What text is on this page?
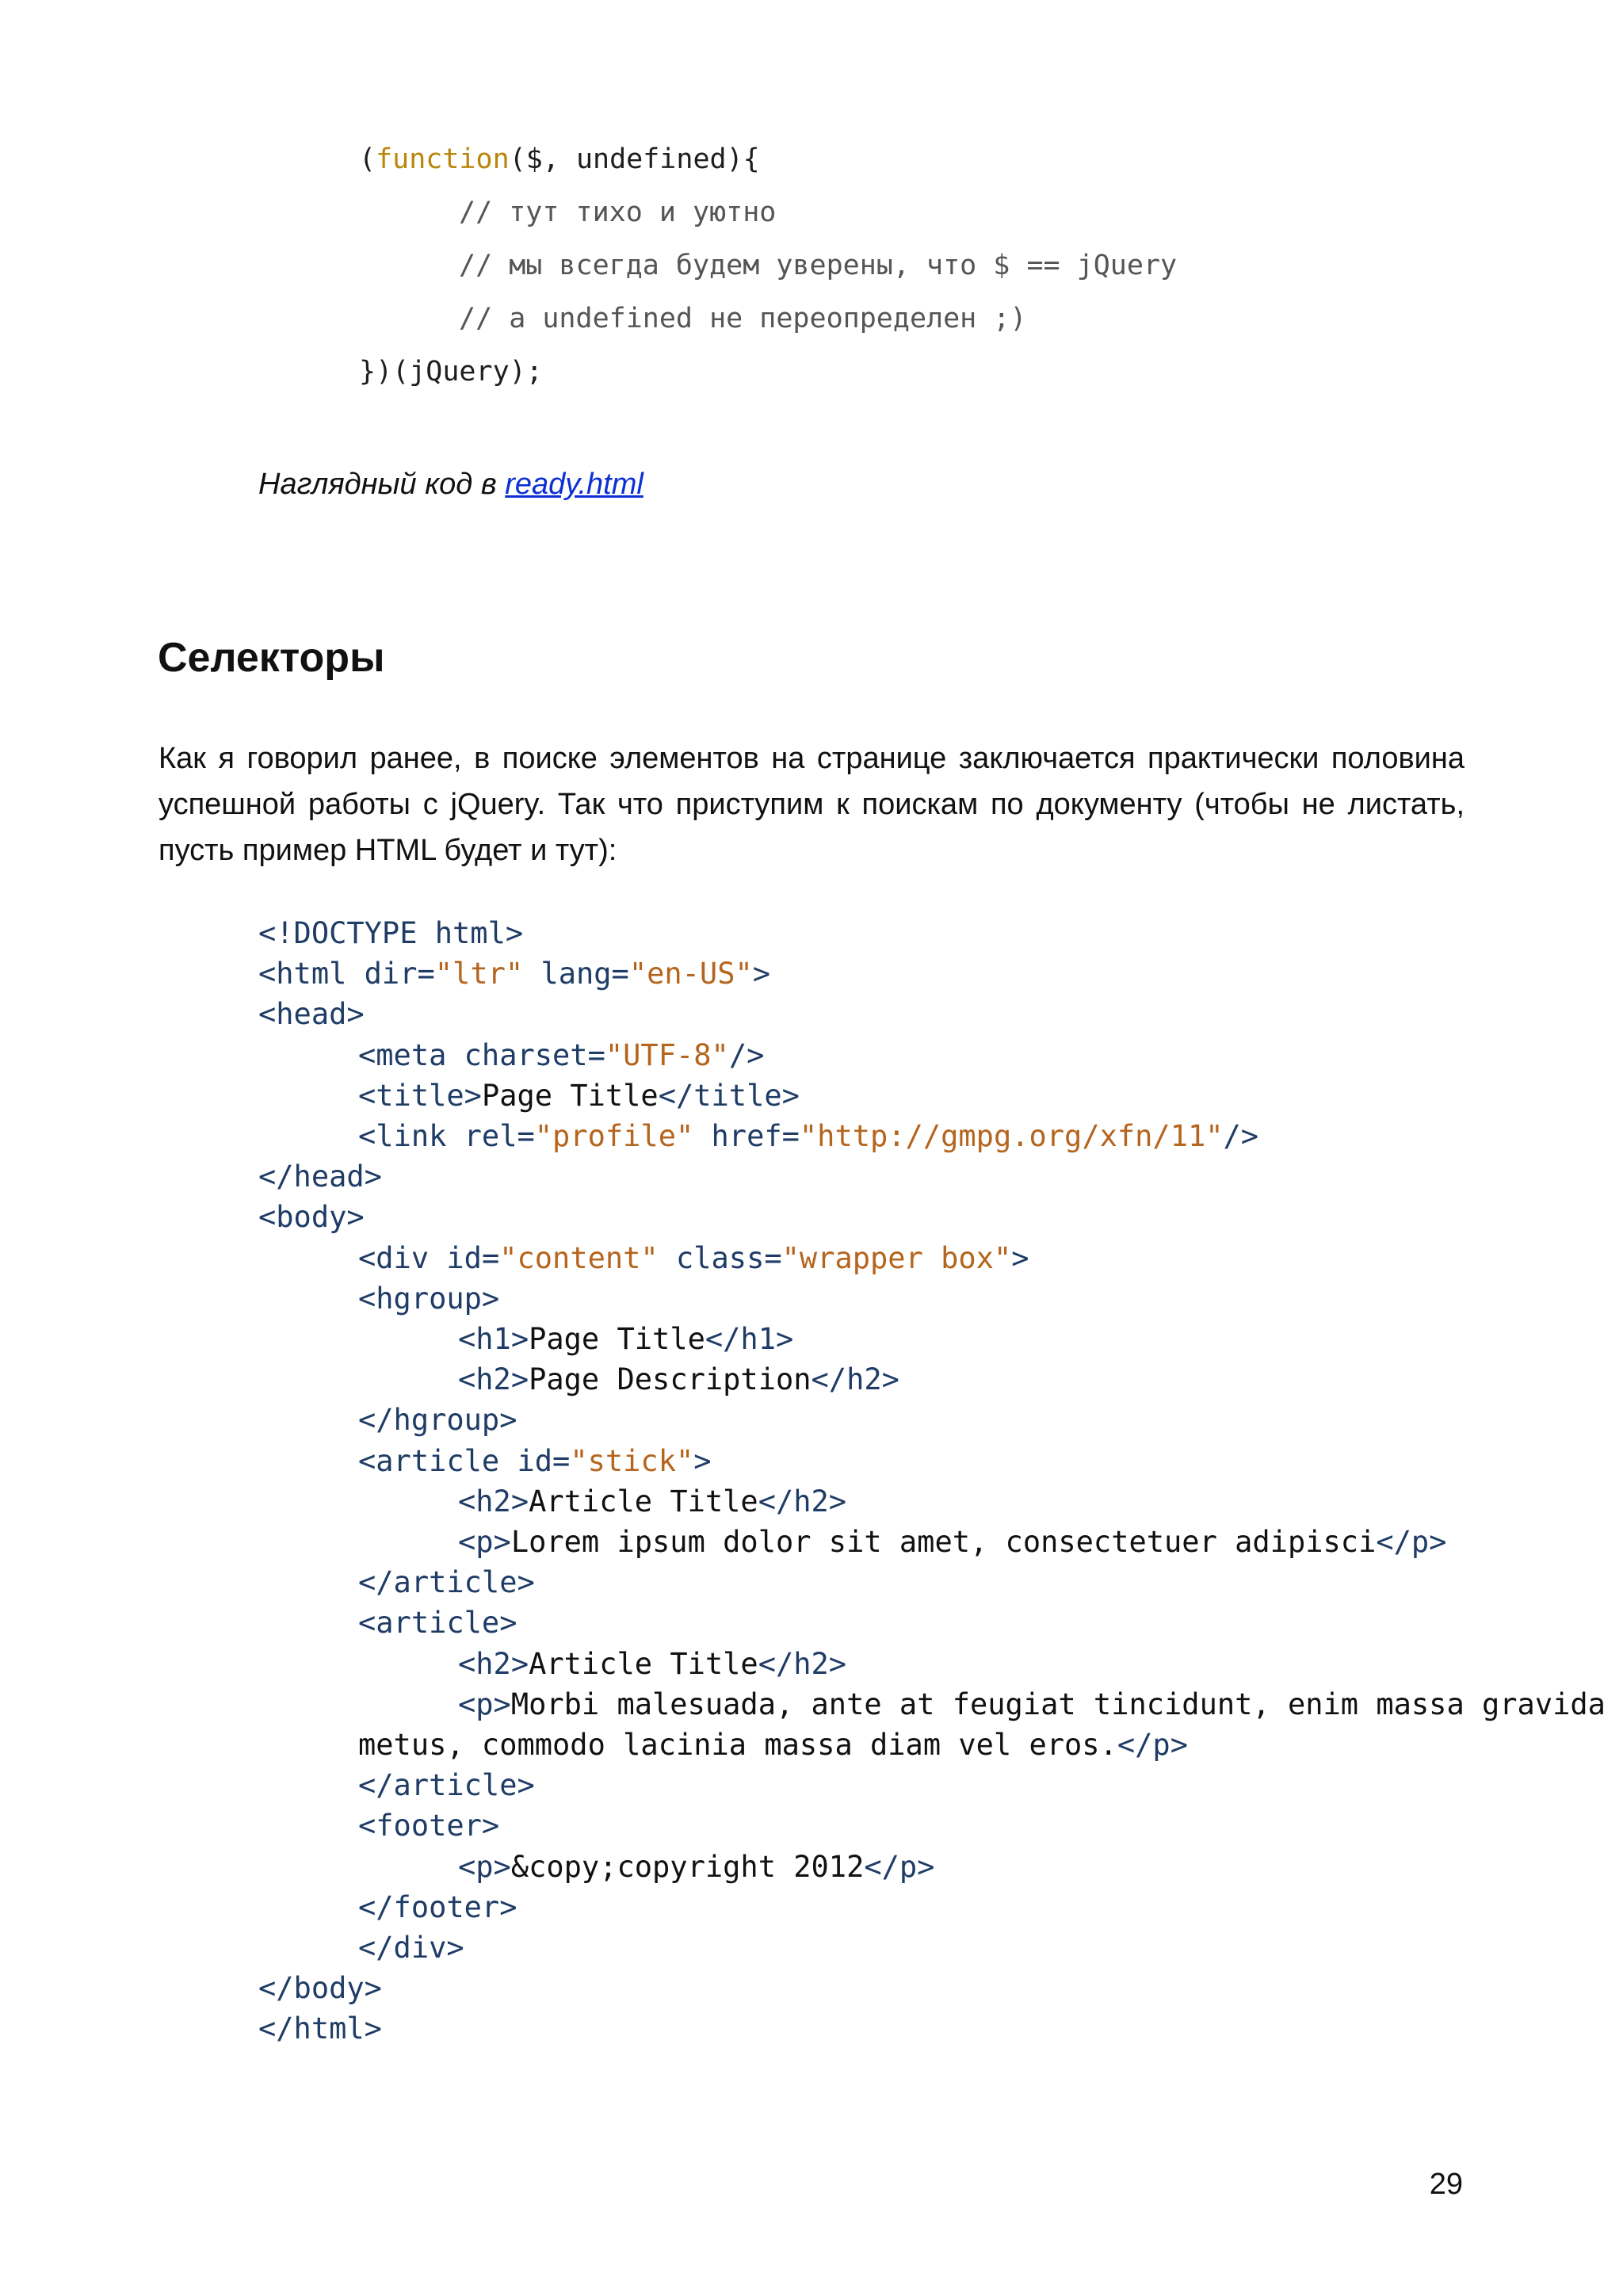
(function($, undefined){
// тут тихо и уютно
// мы всегда будем уверены, что $ == jQuery
// а undefined не переопределен ;)
})(jQuery);
Наглядный код в ready.html
Селекторы
Как я говорил ранее, в поиске элементов на странице заключается практически половина
успешной работы с jQuery. Так что приступим к поискам по документу (чтобы не листать,
пусть пример HTML будет и тут):
<!DOCTYPE html>
<html dir="ltr" lang="en-US">
<head>
<meta charset="UTF-8"/>
<title>Page Title</title>
<link rel="profile" href="http://gmpg.org/xfn/11"/>
</head>
<body>
<div id="content" class="wrapper box">
<hgroup>
<h1>Page Title</h1>
<h2>Page Description</h2>
</hgroup>
<article id="stick">
<h2>Article Title</h2>
<p>Lorem ipsum dolor sit amet, consectetuer adipisci</p>
</article>
<article>
<h2>Article Title</h2>
<p>Morbi malesuada, ante at feugiat tincidunt, enim massa gravida
metus, commodo lacinia massa diam vel eros.</p>
</article>
<footer>
<p>&copy;copyright 2012</p>
</footer>
</div>
</body>
</html>
29
